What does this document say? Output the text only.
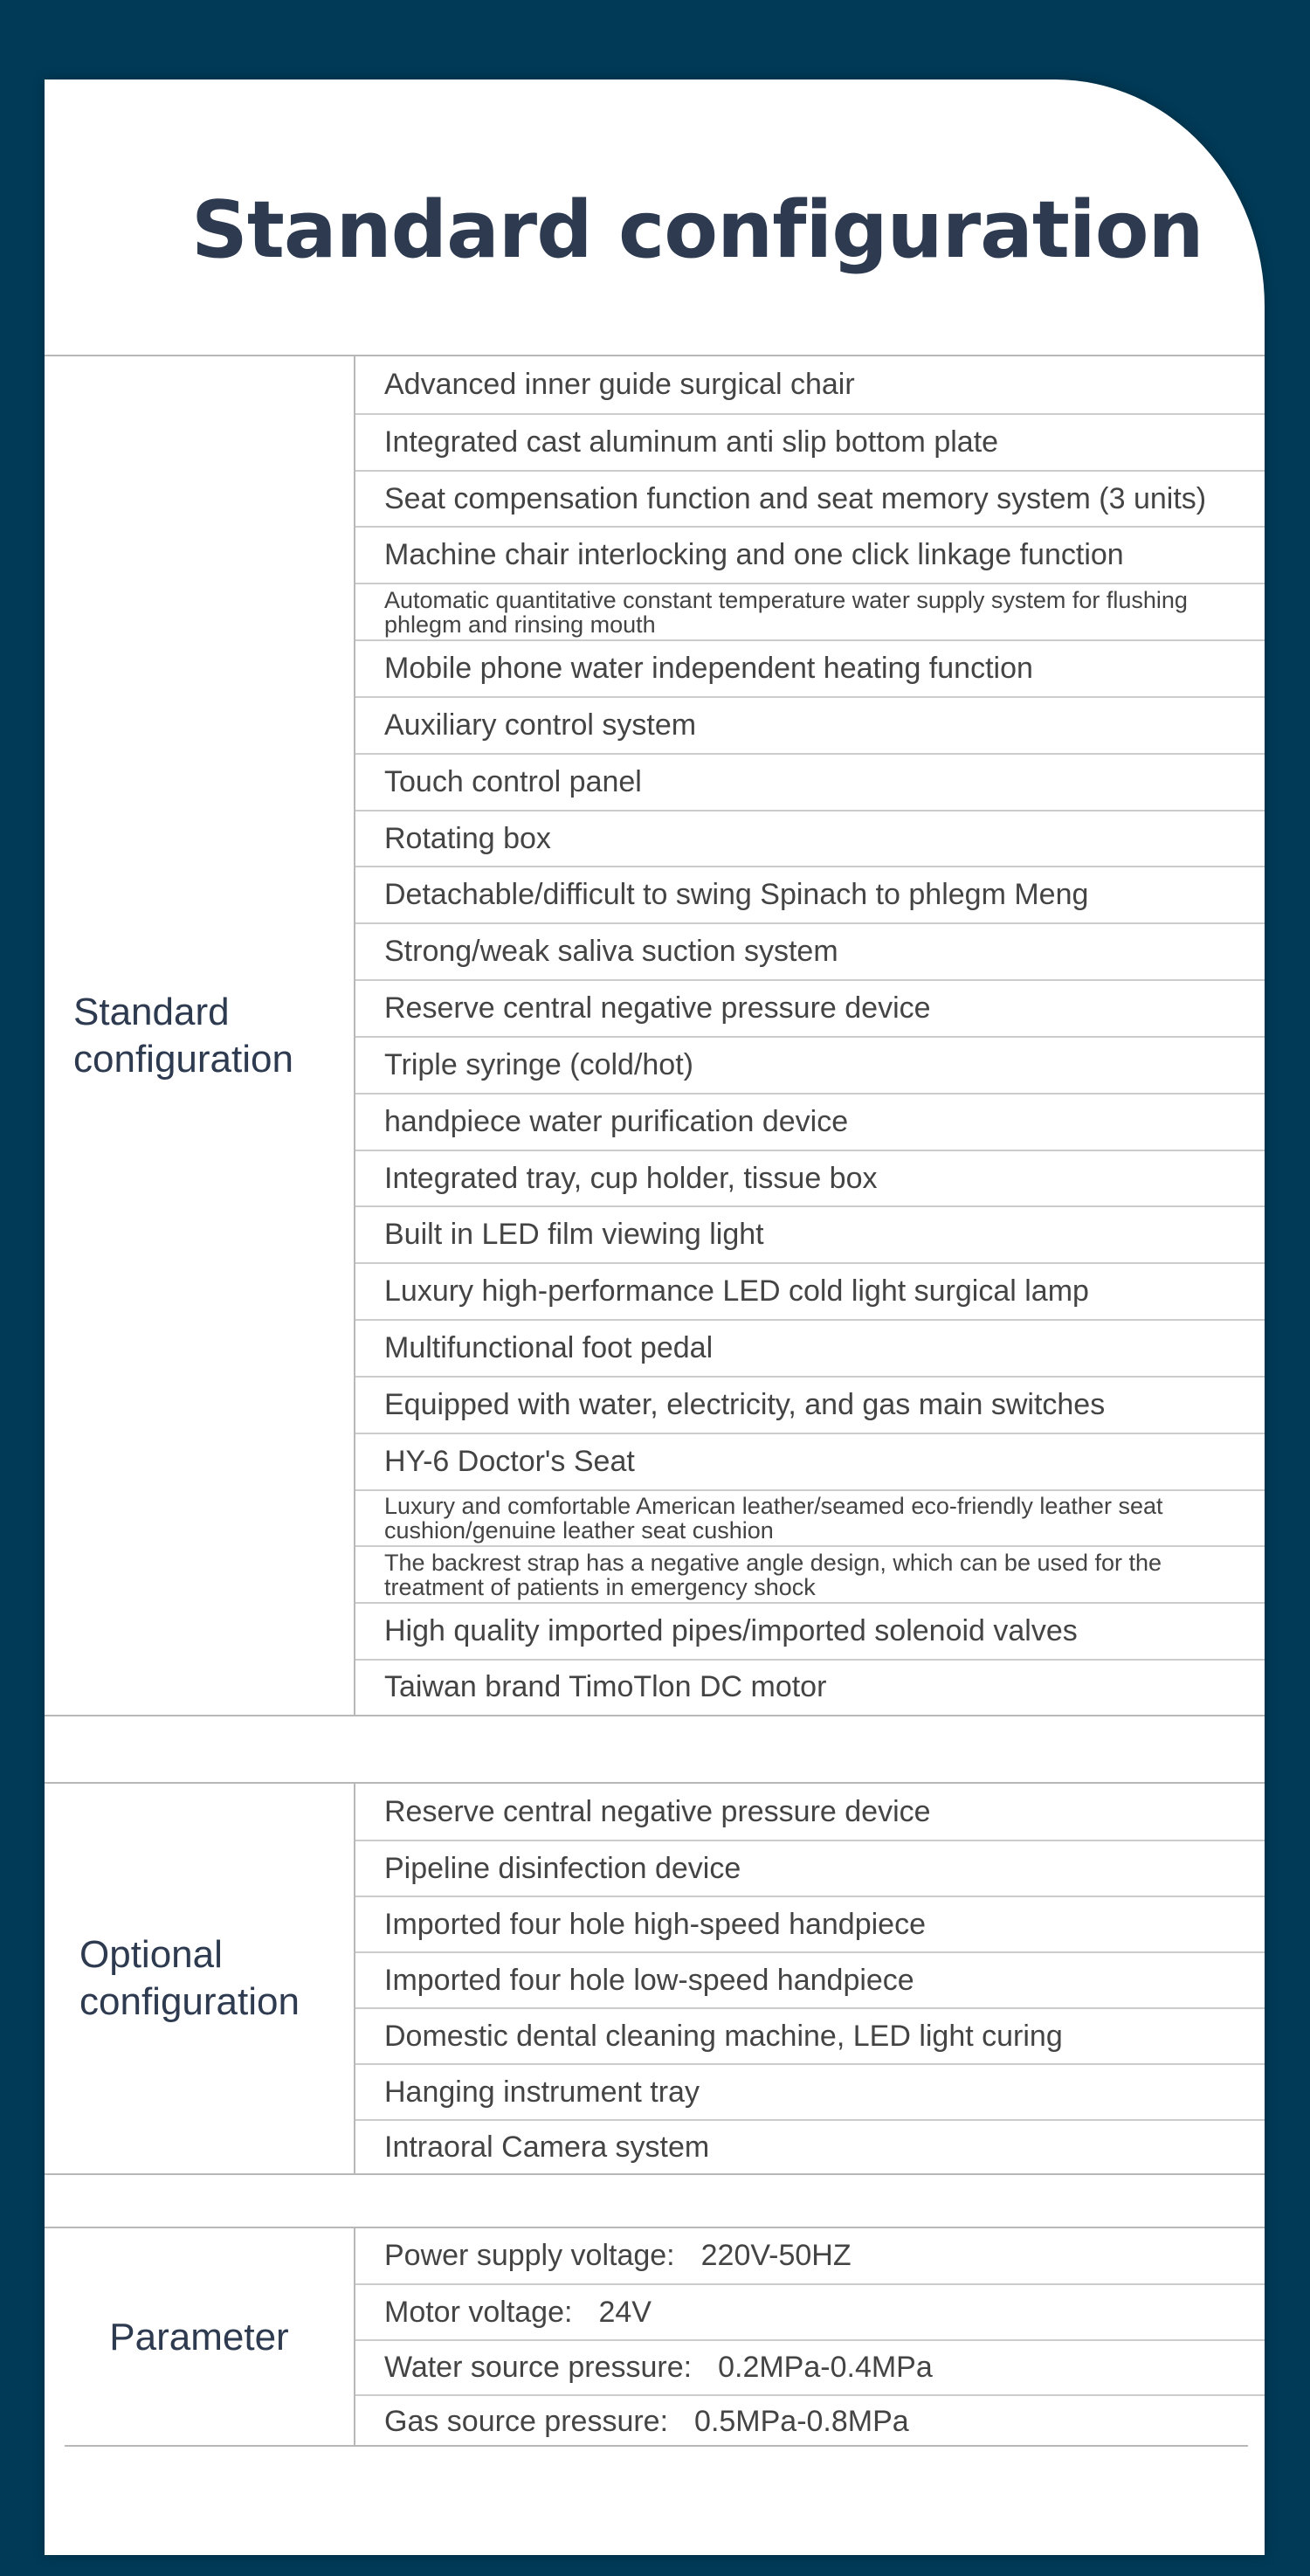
Standard configuration
Standard configuration
Advanced inner guide surgical chair
Integrated cast aluminum anti slip bottom plate
Seat compensation function and seat memory system (3 units)
Machine chair interlocking and one click linkage function
Automatic quantitative constant temperature water supply system for flushing phlegm and rinsing mouth
Mobile phone water independent heating function
Auxiliary control system
Touch control panel
Rotating box
Detachable/difficult to swing Spinach to phlegm Meng
Strong/weak saliva suction system
Reserve central negative pressure device
Triple syringe (cold/hot)
handpiece water purification device
Integrated tray, cup holder, tissue box
Built in LED film viewing light
Luxury high-performance LED cold light surgical lamp
Multifunctional foot pedal
Equipped with water, electricity, and gas main switches
HY-6 Doctor's Seat
Luxury and comfortable American leather/seamed eco-friendly leather seat cushion/genuine leather seat cushion
The backrest strap has a negative angle design, which can be used for the treatment of patients in emergency shock
High quality imported pipes/imported solenoid valves
Taiwan brand TimoTlon DC motor
Optional configuration
Reserve central negative pressure device
Pipeline disinfection device
Imported four hole high-speed handpiece
Imported four hole low-speed handpiece
Domestic dental cleaning machine, LED light curing
Hanging instrument tray
Intraoral Camera system
Parameter
Power supply voltage: 220V-50HZ
Motor voltage: 24V
Water source pressure: 0.2MPa-0.4MPa
Gas source pressure: 0.5MPa-0.8MPa
